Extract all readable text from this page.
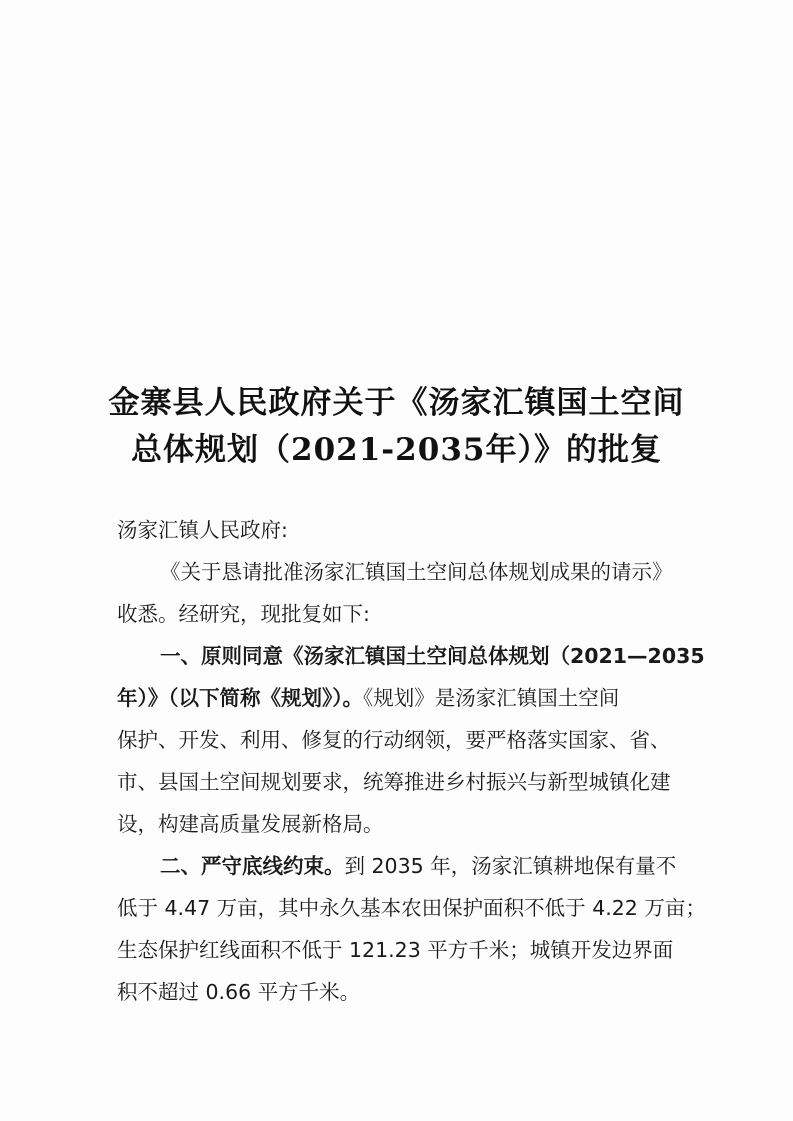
金寨县人民政府关于《汤家汇镇国土空间
总体规划（2021-2035年）》的批复
汤家汇镇人民政府:
《关于恳请批准汤家汇镇国土空间总体规划成果的请示》
收悉。经研究，现批复如下:
一、原则同意《汤家汇镇国土空间总体规划（2021—2035
年）》（以下简称《规划》）。《规划》是汤家汇镇国土空间
保护、开发、利用、修复的行动纲领，要严格落实国家、省、
市、县国土空间规划要求，统筹推进乡村振兴与新型城镇化建
设，构建高质量发展新格局。
二、严守底线约束。到 2035 年，汤家汇镇耕地保有量不
低于 4.47 万亩，其中永久基本农田保护面积不低于 4.22 万亩；
生态保护红线面积不低于 121.23 平方千米；城镇开发边界面
积不超过 0.66 平方千米。
